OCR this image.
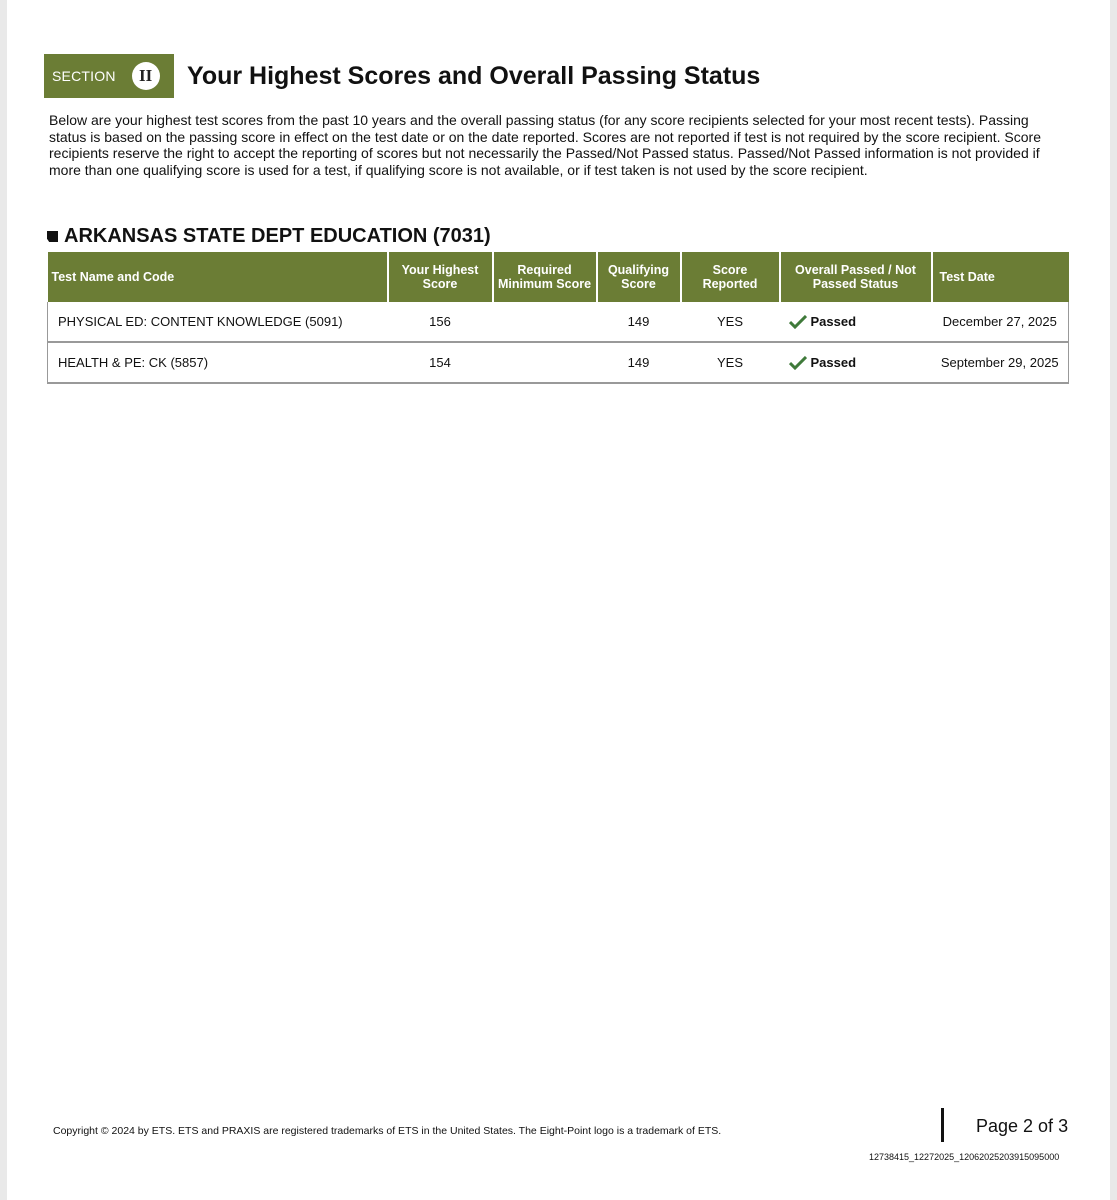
SECTION	II Your Highest Scores and Overall Passing Status
Below are your highest test scores from the past 10 years and the overall passing status (for any score recipients selected for your most recent tests). Passing status is based on the passing score in effect on the test date or on the date reported. Scores are not reported if test is not required by the score recipient. Score recipients reserve the right to accept the reporting of scores but not necessarily the Passed/Not Passed status. Passed/Not Passed information is not provided if more than one qualifying score is used for a test, if qualifying score is not available, or if test taken is not used by the score recipient.
ARKANSAS STATE DEPT EDUCATION (7031)
Test Name and Code	Your Highest Score	Required Minimum Score	Qualifying Score	Score Reported	Overall Passed / Not Passed Status	Test Date
PHYSICAL ED: CONTENT KNOWLEDGE (5091)	156		149	YES	Passed	December 27, 2025
HEALTH & PE: CK (5857)	154		149	YES	Passed	September 29, 2025
Copyright © 2024 by ETS. ETS and PRAXIS are registered trademarks of ETS in the United States. The Eight-Point logo is a trademark of ETS.	Page 2 of 3
12738415_12272025_12062025203915095000
